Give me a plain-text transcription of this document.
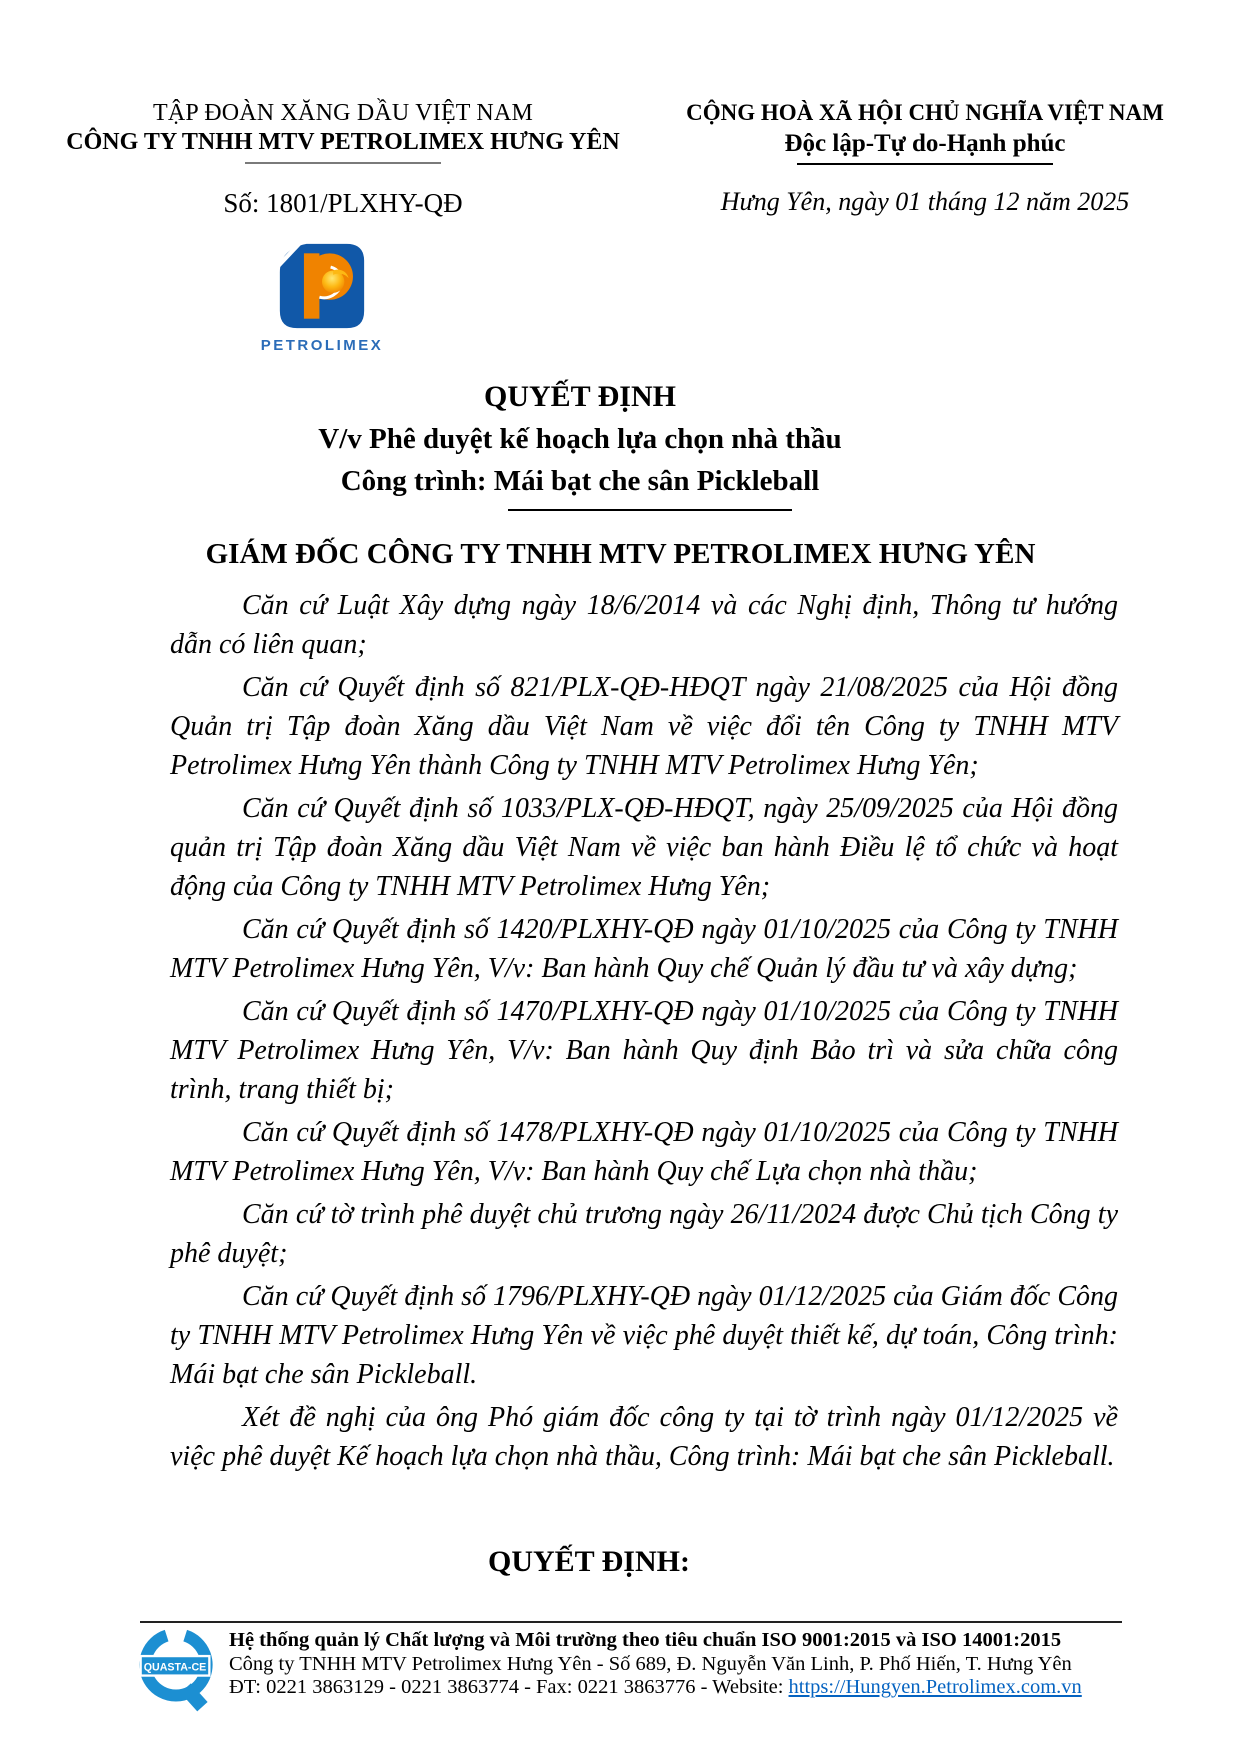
TẬP ĐOÀN XĂNG DẦU VIỆT NAM
CÔNG TY TNHH MTV PETROLIMEX HƯNG YÊN
Số: 1801/PLXHY-QĐ
CỘNG HOÀ XÃ HỘI CHỦ NGHĨA VIỆT NAM
Độc lập-Tự do-Hạnh phúc
Hưng Yên, ngày 01 tháng 12 năm 2025
PETROLIMEX
QUYẾT ĐỊNH
V/v Phê duyệt kế hoạch lựa chọn nhà thầu
Công trình: Mái bạt che sân Pickleball
GIÁM ĐỐC CÔNG TY TNHH MTV PETROLIMEX HƯNG YÊN

Căn cứ Luật Xây dựng ngày 18/6/2014 và các Nghị định, Thông tư hướng dẫn có liên quan;

Căn cứ Quyết định số 821/PLX-QĐ-HĐQT ngày 21/08/2025 của Hội đồng Quản trị Tập đoàn Xăng dầu Việt Nam về việc đổi tên Công ty TNHH MTV Petrolimex Hưng Yên thành Công ty TNHH MTV Petrolimex Hưng Yên;

Căn cứ Quyết định số 1033/PLX-QĐ-HĐQT, ngày 25/09/2025 của Hội đồng quản trị Tập đoàn Xăng dầu Việt Nam về việc ban hành Điều lệ tổ chức và hoạt động của Công ty TNHH MTV Petrolimex Hưng Yên;

Căn cứ Quyết định số 1420/PLXHY-QĐ ngày 01/10/2025 của Công ty TNHH MTV Petrolimex Hưng Yên, V/v: Ban hành Quy chế Quản lý đầu tư và xây dựng;

Căn cứ Quyết định số 1470/PLXHY-QĐ ngày 01/10/2025 của Công ty TNHH MTV Petrolimex Hưng Yên, V/v: Ban hành Quy định Bảo trì và sửa chữa công trình, trang thiết bị;

Căn cứ Quyết định số 1478/PLXHY-QĐ ngày 01/10/2025 của Công ty TNHH MTV Petrolimex Hưng Yên, V/v: Ban hành Quy chế Lựa chọn nhà thầu;

Căn cứ tờ trình phê duyệt chủ trương ngày 26/11/2024 được Chủ tịch Công ty phê duyệt;

Căn cứ Quyết định số 1796/PLXHY-QĐ ngày 01/12/2025 của Giám đốc Công ty TNHH MTV Petrolimex Hưng Yên về việc phê duyệt thiết kế, dự toán, Công trình: Mái bạt che sân Pickleball.

Xét đề nghị của ông Phó giám đốc công ty tại tờ trình ngày 01/12/2025 về việc phê duyệt Kế hoạch lựa chọn nhà thầu, Công trình: Mái bạt che sân Pickleball.

QUYẾT ĐỊNH:
QUASTA-CE
Hệ thống quản lý Chất lượng và Môi trường theo tiêu chuẩn ISO 9001:2015 và ISO 14001:2015
Công ty TNHH MTV Petrolimex Hưng Yên - Số 689, Đ. Nguyễn Văn Linh, P. Phố Hiến, T. Hưng Yên
ĐT: 0221 3863129 - 0221 3863774 - Fax: 0221 3863776 - Website: https://Hungyen.Petrolimex.com.vn
